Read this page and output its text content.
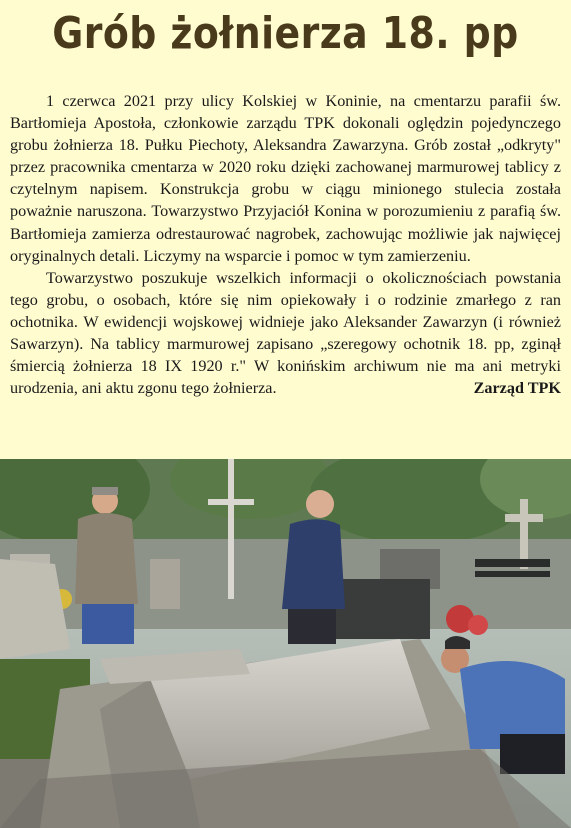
Grób żołnierza 18. pp

1 czerwca 2021 przy ulicy Kolskiej w Koninie, na cmentarzu parafii św. Bartłomieja Apostoła, członkowie zarządu TPK dokonali oględzin pojedynczego grobu żołnierza 18. Pułku Piechoty, Aleksandra Zawarzyna. Grób został „odkryty" przez pracownika cmentarza w 2020 roku dzięki zachowanej marmurowej tablicy z czytelnym napisem. Konstrukcja grobu w ciągu minionego stulecia została poważnie naruszona. Towarzystwo Przyjaciół Konina w porozumieniu z parafią św. Bartłomieja zamierza odrestaurować nagrobek, zachowując możliwie jak najwięcej oryginalnych detali. Liczymy na wsparcie i pomoc w tym zamierzeniu.

Towarzystwo poszukuje wszelkich informacji o okolicznościach powstania tego grobu, o osobach, które się nim opiekowały i o rodzinie zmarłego z ran ochotnika. W ewidencji wojskowej widnieje jako Aleksander Zawarzyn (i również Sawarzyn). Na tablicy marmurowej zapisano „szeregowy ochotnik 18. pp, zginął śmiercią żołnierza 18 IX 1920 r." W konińskim archiwum nie ma ani metryki urodzenia, ani aktu zgonu tego żołnierza.	Zarząd TPK
